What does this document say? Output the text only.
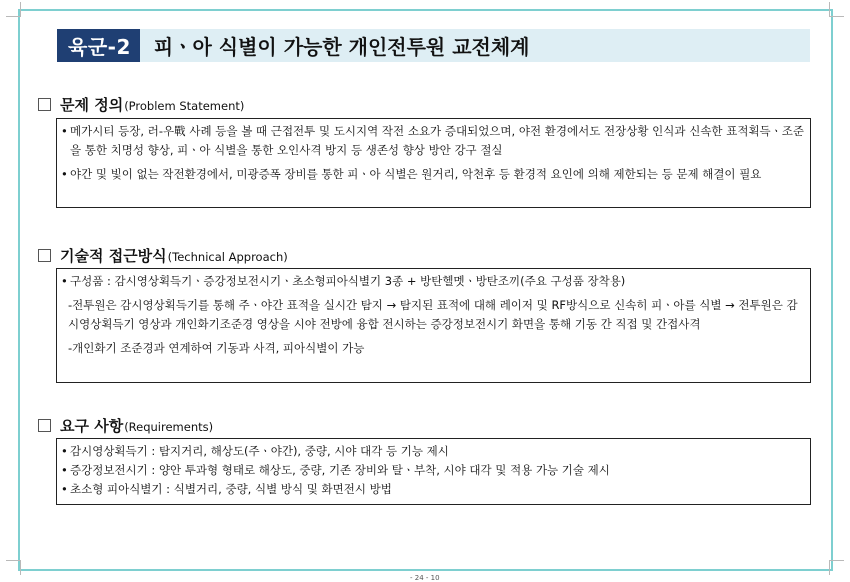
육군-2	피ㆍ아 식별이 가능한 개인전투원 교전체계
문제 정의 (Problem Statement)
• 메가시티 등장, 러-우戰 사례 등을 볼 때 근접전투 및 도시지역 작전 소요가 증대되었으며, 야전 환경에서도 전장상황 인식과 신속한 표적획득ㆍ조준을 통한 치명성 향상, 피ㆍ아 식별을 통한 오인사격 방지 등 생존성 향상 방안 강구 절실
• 야간 및 빛이 없는 작전환경에서, 미광증폭 장비를 통한 피ㆍ아 식별은 원거리, 악천후 등 환경적 요인에 의해 제한되는 등 문제 해결이 필요
기술적 접근방식 (Technical Approach)
• 구성품 : 감시영상획득기ㆍ증강정보전시기ㆍ초소형피아식별기 3종 + 방탄헬멧ㆍ방탄조끼(주요 구성품 장착용)
-전투원은 감시영상획득기를 통해 주ㆍ야간 표적을 실시간 탐지 → 탐지된 표적에 대해 레이저 및 RF방식으로 신속히 피ㆍ아를 식별 → 전투원은 감시영상획득기 영상과 개인화기조준경 영상을 시야 전방에 융합 전시하는 증강정보전시기 화면을 통해 기동 간 직접 및 간접사격
-개인화기 조준경과 연계하여 기동과 사격, 피아식별이 가능
요구 사항 (Requirements)
• 감시영상획득기 : 탐지거리, 해상도(주ㆍ야간), 중량, 시야 대각 등 기능 제시
• 증강정보전시기 : 양안 투과형 형태로 해상도, 중량, 기존 장비와 탈ㆍ부착, 시야 대각 및 적용 가능 기술 제시
• 초소형 피아식별기 : 식별거리, 중량, 식별 방식 및 화면전시 방법
- 24 - 10
